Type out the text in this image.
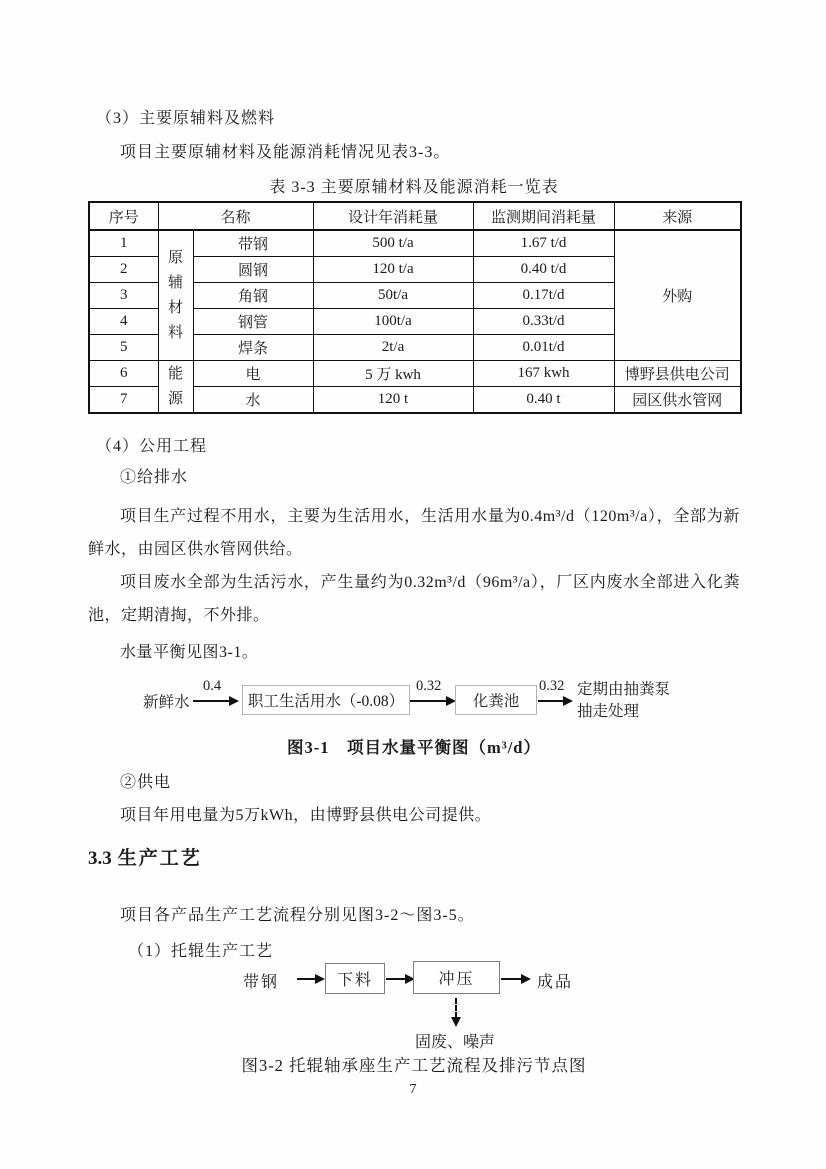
（3）主要原辅料及燃料
项目主要原辅材料及能源消耗情况见表3-3。
表 3-3 主要原辅材料及能源消耗一览表
序号	名称		设计年消耗量	监测期间消耗量	来源
1	原辅材料	带钢	500 t/a	1.67 t/d	外购
2		圆钢	120 t/a	0.40 t/d	
3		角钢	50t/a	0.17t/d	
4		钢管	100t/a	0.33t/d	
5		焊条	2t/a	0.01t/d	
6	能源	电	5 万 kwh	167 kwh	博野县供电公司
7		水	120 t	0.40 t	园区供水管网
（4）公用工程
①给排水

项目生产过程不用水，主要为生活用水，生活用水量为0.4m³/d（120m³/a），全部为新鲜水，由园区供水管网供给。

项目废水全部为生活污水，产生量约为0.32m³/d（96m³/a），厂区内废水全部进入化粪池，定期清掏，不外排。

水量平衡见图3-1。

新鲜水
0.4
职工生活用水（-0.08）
0.32
化粪池
0.32 定期由抽粪泵
抽走处理
图3-1　项目水量平衡图（m³/d）
②供电

项目年用电量为5万kWh，由博野县供电公司提供。

3.3 生产工艺
项目各产品生产工艺流程分别见图3-2～图3-5。
（1）托辊生产工艺
带钢	下料	冲压	成品
固废、噪声
图3-2 托辊轴承座生产工艺流程及排污节点图
7
